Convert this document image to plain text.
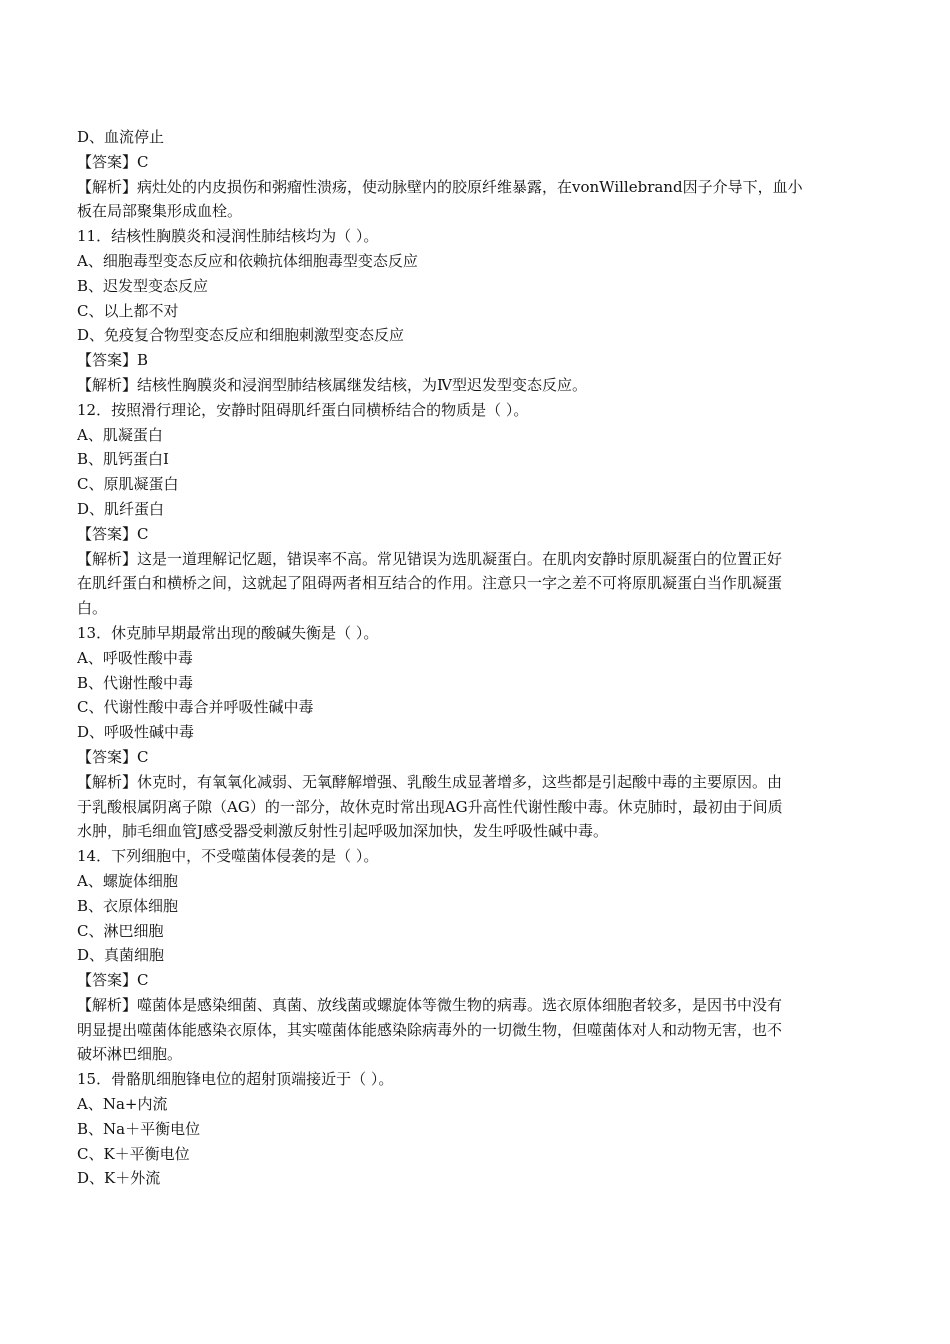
D、血流停止
【答案】C
【解析】病灶处的内皮损伤和粥瘤性溃疡，使动脉壁内的胶原纤维暴露，在vonWillebrand因子介导下，血小
板在局部聚集形成血栓。
11．结核性胸膜炎和浸润性肺结核均为（ ）。
A、细胞毒型变态反应和依赖抗体细胞毒型变态反应
B、迟发型变态反应
C、以上都不对
D、免疫复合物型变态反应和细胞刺激型变态反应
【答案】B
【解析】结核性胸膜炎和浸润型肺结核属继发结核，为Ⅳ型迟发型变态反应。
12．按照滑行理论，安静时阻碍肌纤蛋白同横桥结合的物质是（ ）。
A、肌凝蛋白
B、肌钙蛋白Ⅰ
C、原肌凝蛋白
D、肌纤蛋白
【答案】C
【解析】这是一道理解记忆题，错误率不高。常见错误为选肌凝蛋白。在肌肉安静时原肌凝蛋白的位置正好
在肌纤蛋白和横桥之间，这就起了阻碍两者相互结合的作用。注意只一字之差不可将原肌凝蛋白当作肌凝蛋
白。
13．休克肺早期最常出现的酸碱失衡是（ ）。
A、呼吸性酸中毒
B、代谢性酸中毒
C、代谢性酸中毒合并呼吸性碱中毒
D、呼吸性碱中毒
【答案】C
【解析】休克时，有氧氧化减弱、无氧酵解增强、乳酸生成显著增多，这些都是引起酸中毒的主要原因。由
于乳酸根属阴离子隙（AG）的一部分，故休克时常出现AG升高性代谢性酸中毒。休克肺时，最初由于间质
水肿，肺毛细血管J感受器受刺激反射性引起呼吸加深加快，发生呼吸性碱中毒。
14．下列细胞中，不受噬菌体侵袭的是（ ）。
A、螺旋体细胞
B、衣原体细胞
C、淋巴细胞
D、真菌细胞
【答案】C
【解析】噬菌体是感染细菌、真菌、放线菌或螺旋体等微生物的病毒。选衣原体细胞者较多，是因书中没有
明显提出噬菌体能感染衣原体，其实噬菌体能感染除病毒外的一切微生物，但噬菌体对人和动物无害，也不
破坏淋巴细胞。
15．骨骼肌细胞锋电位的超射顶端接近于（ ）。
A、Na+内流
B、Na＋平衡电位
C、K＋平衡电位
D、K＋外流
